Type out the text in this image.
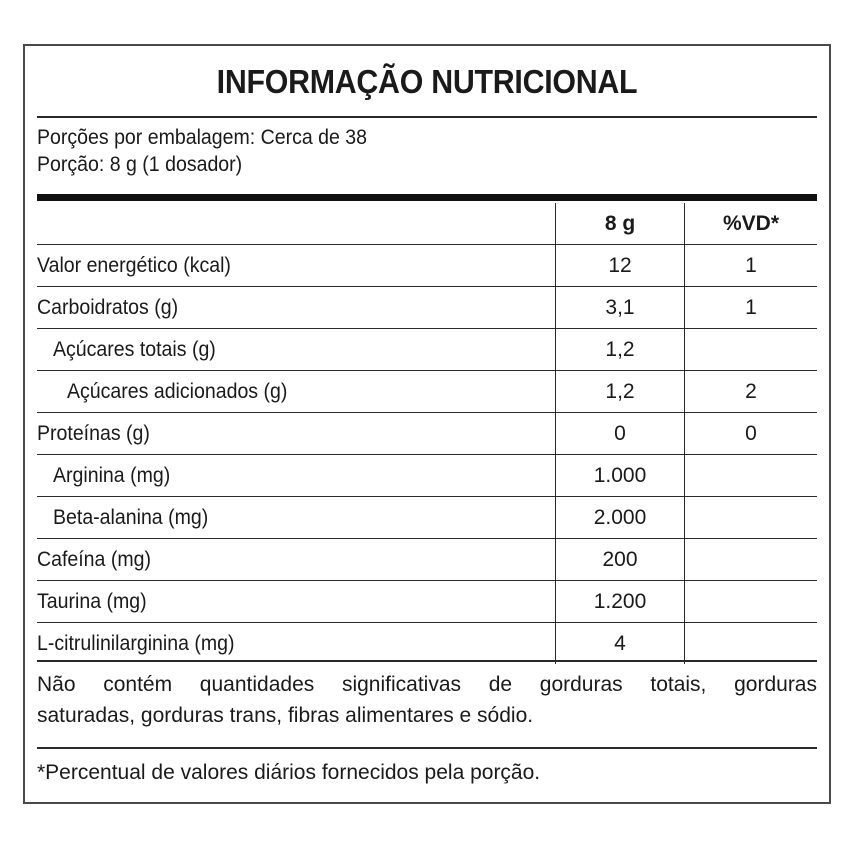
INFORMAÇÃO NUTRICIONAL
Porções por embalagem: Cerca de 38
Porção: 8 g (1 dosador)
	8 g	%VD*
Valor energético (kcal)	12	1
Carboidratos (g)	3,1	1
Açúcares totais (g)	1,2	
Açúcares adicionados (g)	1,2	2
Proteínas (g)	0	0
Arginina (mg)	1.000	
Beta-alanina (mg)	2.000	
Cafeína (mg)	200	
Taurina (mg)	1.200	
L-citrulinilarginina (mg)	4	
Não contém quantidades significativas de gorduras totais, gorduras
saturadas, gorduras trans, fibras alimentares e sódio.
*Percentual de valores diários fornecidos pela porção.
